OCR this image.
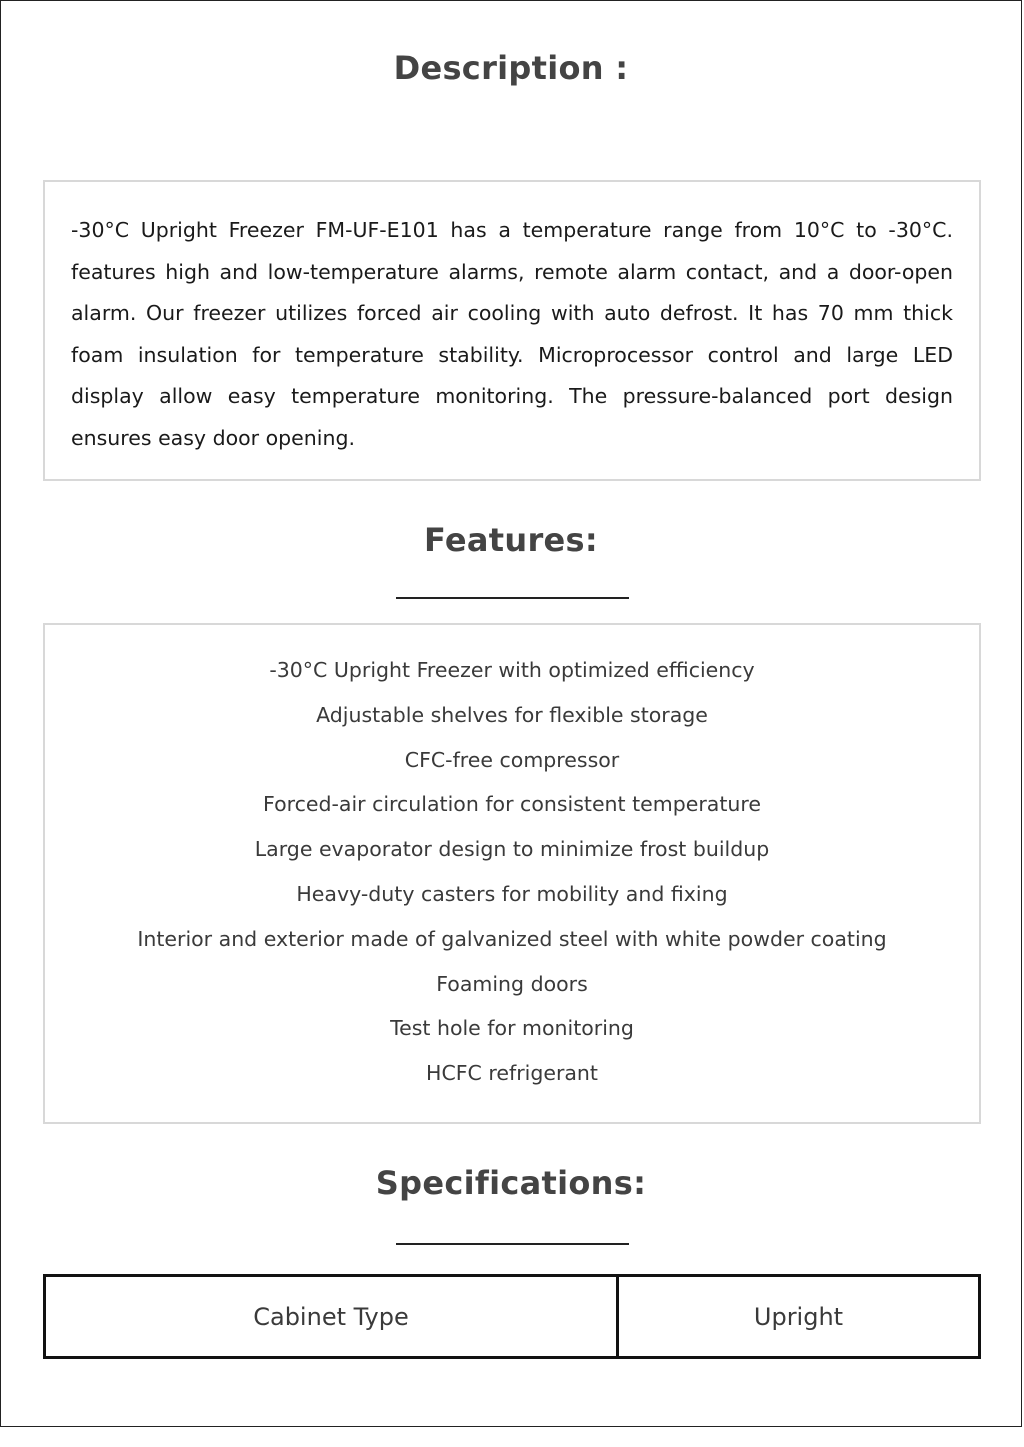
Description :

-30°C Upright Freezer FM-UF-E101 has a temperature range from 10°C to -30°C. features high and low-temperature alarms, remote alarm contact, and a door-open alarm. Our freezer utilizes forced air cooling with auto defrost. It has 70 mm thick foam insulation for temperature stability. Microprocessor control and large LED display allow easy temperature monitoring. The pressure-balanced port design ensures easy door opening.

Features:
-30°C Upright Freezer with optimized efficiency
Adjustable shelves for flexible storage
CFC-free compressor
Forced-air circulation for consistent temperature
Large evaporator design to minimize frost buildup
Heavy-duty casters for mobility and fixing
Interior and exterior made of galvanized steel with white powder coating
Foaming doors
Test hole for monitoring
HCFC refrigerant
Specifications:
Cabinet Type	Upright
